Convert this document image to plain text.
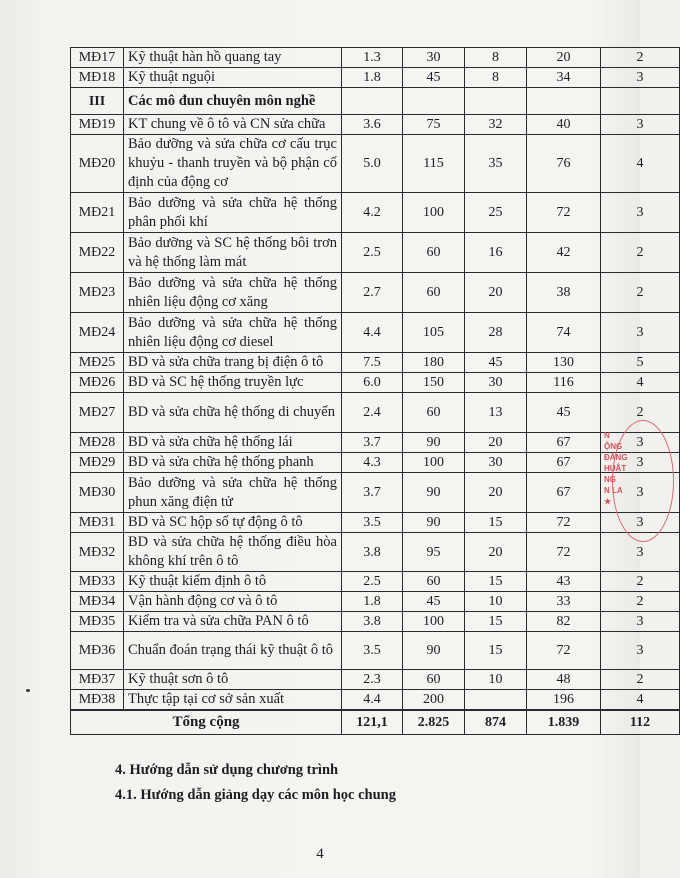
MĐ17	Kỹ thuật hàn hồ quang tay	1.3	30	8	20	2
MĐ18	Kỹ thuật nguội	1.8	45	8	34	3
III	Các mô đun chuyên môn nghề					
MĐ19	KT chung về ô tô và CN sửa chữa	3.6	75	32	40	3
MĐ20	Bảo dưỡng và sửa chữa cơ cấu trục khuỷu - thanh truyền và bộ phận cố định của động cơ	5.0	115	35	76	4
MĐ21	Bảo dưỡng và sửa chữa hệ thống phân phối khí	4.2	100	25	72	3
MĐ22	Bảo dưỡng và SC hệ thống bôi trơn và hệ thống làm mát	2.5	60	16	42	2
MĐ23	Bảo dưỡng và sửa chữa hệ thống nhiên liệu động cơ xăng	2.7	60	20	38	2
MĐ24	Bảo dưỡng và sửa chữa hệ thống nhiên liệu động cơ diesel	4.4	105	28	74	3
MĐ25	BD và sửa chữa trang bị điện ô tô	7.5	180	45	130	5
MĐ26	BD và SC hệ thống truyền lực	6.0	150	30	116	4
MĐ27	BD và sửa chữa hệ thống di chuyển	2.4	60	13	45	2
MĐ28	BD và sửa chữa hệ thống lái	3.7	90	20	67	3
MĐ29	BD và sửa chữa hệ thống phanh	4.3	100	30	67	3
MĐ30	Bảo dưỡng và sửa chữa hệ thống phun xăng điện tử	3.7	90	20	67	3
MĐ31	BD và SC hộp số tự động ô tô	3.5	90	15	72	3
MĐ32	BD và sửa chữa hệ thống điều hòa không khí trên ô tô	3.8	95	20	72	3
MĐ33	Kỹ thuật kiểm định ô tô	2.5	60	15	43	2
MĐ34	Vận hành động cơ và ô tô	1.8	45	10	33	2
MĐ35	Kiểm tra và sửa chữa PAN ô tô	3.8	100	15	82	3
MĐ36	Chuẩn đoán trạng thái kỹ thuật ô tô	3.5	90	15	72	3
MĐ37	Kỹ thuật sơn ô tô	2.3	60	10	48	2
MĐ38	Thực tập tại cơ sở sản xuất	4.4	200		196	4
Tổng cộng		121,1	2.825	874	1.839	112
4. Hướng dẫn sử dụng chương trình
4.1. Hướng dẫn giảng dạy các môn học chung
4
N
ỘNG
ĐẲNG
HUẬT
NG
N LA
★
